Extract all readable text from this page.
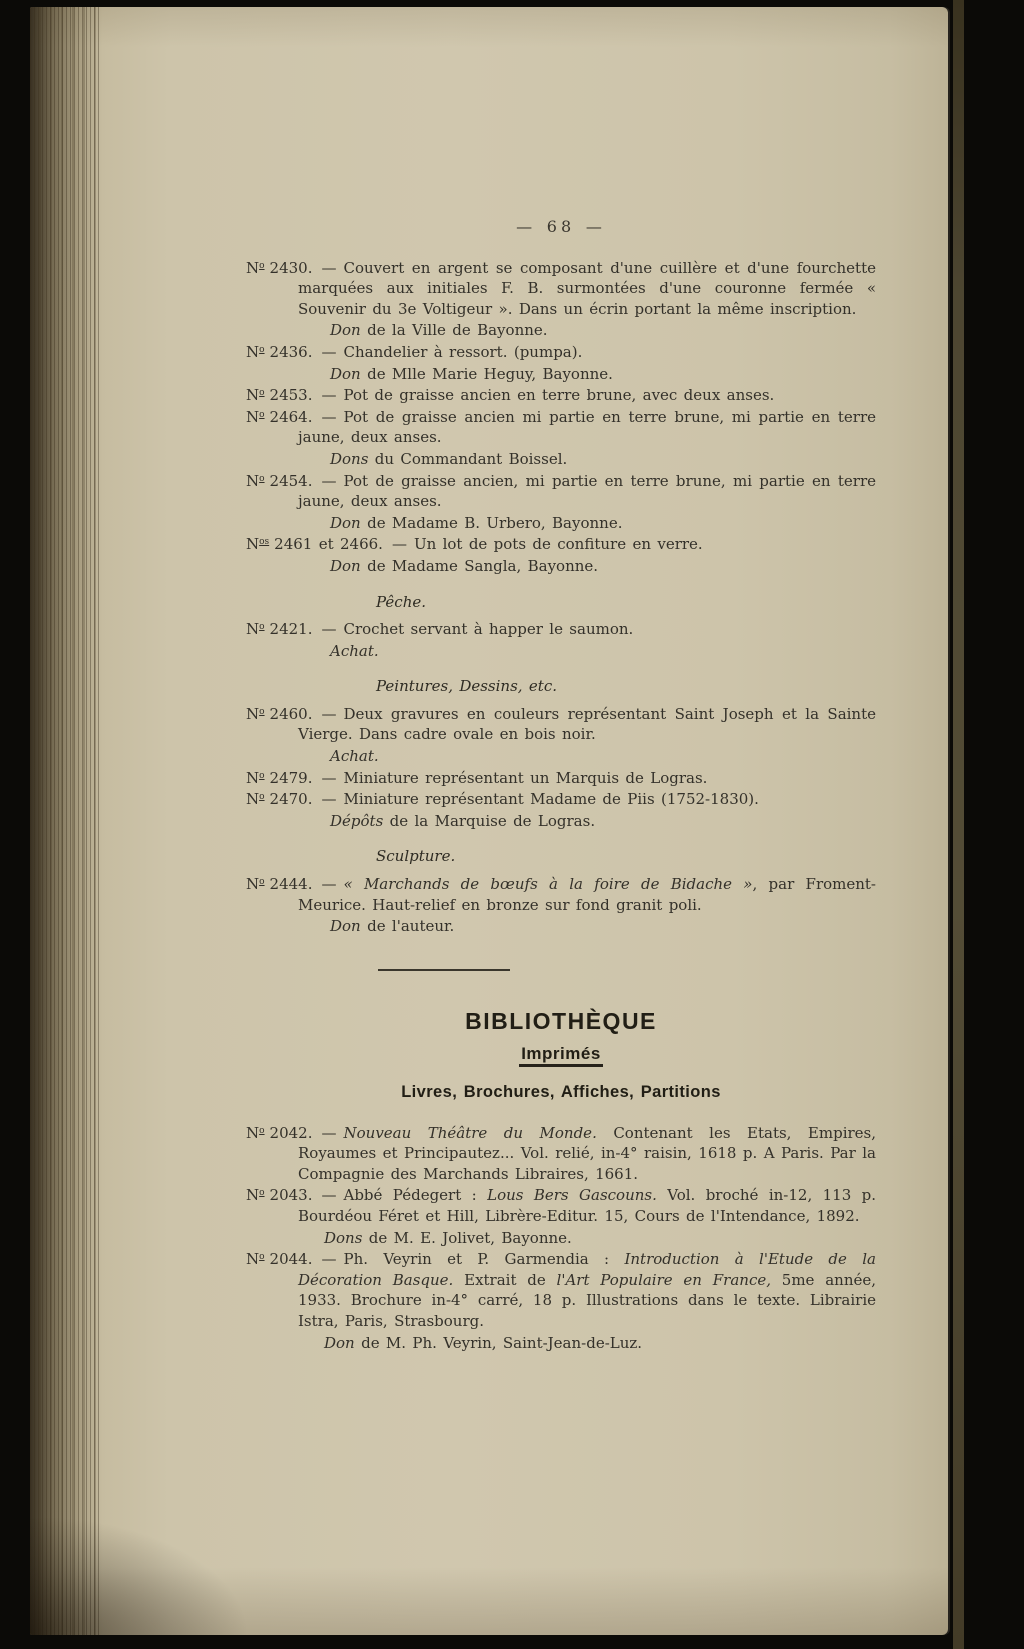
— 68 —

$N^o$ 2430. — Couvert en argent se composant d'une cuillère et d'une fourchette marquées aux initiales F. B. surmontées d'une couronne fermée « Souvenir du 3e Voltigeur ». Dans un écrin portant la même inscription.

Don de la Ville de Bayonne.

$N^o$ 2436. — Chandelier à ressort. (pumpa).

Don de Mlle Marie Heguy, Bayonne.

$N^o$ 2453. — Pot de graisse ancien en terre brune, avec deux anses.

$N^o$ 2464. — Pot de graisse ancien mi partie en terre brune, mi partie en terre jaune, deux anses.

Dons du Commandant Boissel.

$N^o$ 2454. — Pot de graisse ancien, mi partie en terre brune, mi partie en terre jaune, deux anses.

Don de Madame B. Urbero, Bayonne.

$N^{os}$ 2461 et 2466. — Un lot de pots de confiture en verre.

Don de Madame Sangla, Bayonne.

Pêche.

$N^o$ 2421. — Crochet servant à happer le saumon.

Achat.

Peintures, Dessins, etc.

$N^o$ 2460. — Deux gravures en couleurs représentant Saint Joseph et la Sainte Vierge. Dans cadre ovale en bois noir.

Achat.

$N^o$ 2479. — Miniature représentant un Marquis de Logras.

$N^o$ 2470. — Miniature représentant Madame de Piis (1752-1830).

Dépôts de la Marquise de Logras.

Sculpture.

$N^o$ 2444. — « Marchands de bœufs à la foire de Bidache », par Froment-Meurice. Haut-relief en bronze sur fond granit poli.

Don de l'auteur.

BIBLIOTHÈQUE
Imprimés
Livres, Brochures, Affiches, Partitions

$N^o$ 2042. — Nouveau Théâtre du Monde. Contenant les Etats, Empires, Royaumes et Principautez... Vol. relié, in-4° raisin, 1618 p. A Paris. Par la Compagnie des Marchands Libraires, 1661.

$N^o$ 2043. — Abbé Pédegert : Lous Bers Gascouns. Vol. broché in-12, 113 p. Bourdéou Féret et Hill, Librère-Editur. 15, Cours de l'Intendance, 1892.

Dons de M. E. Jolivet, Bayonne.

$N^o$ 2044. — Ph. Veyrin et P. Garmendia : Introduction à l'Etude de la Décoration Basque. Extrait de l'Art Populaire en France, 5me année, 1933. Brochure in-4° carré, 18 p. Illustrations dans le texte. Librairie Istra, Paris, Strasbourg.

Don de M. Ph. Veyrin, Saint-Jean-de-Luz.
